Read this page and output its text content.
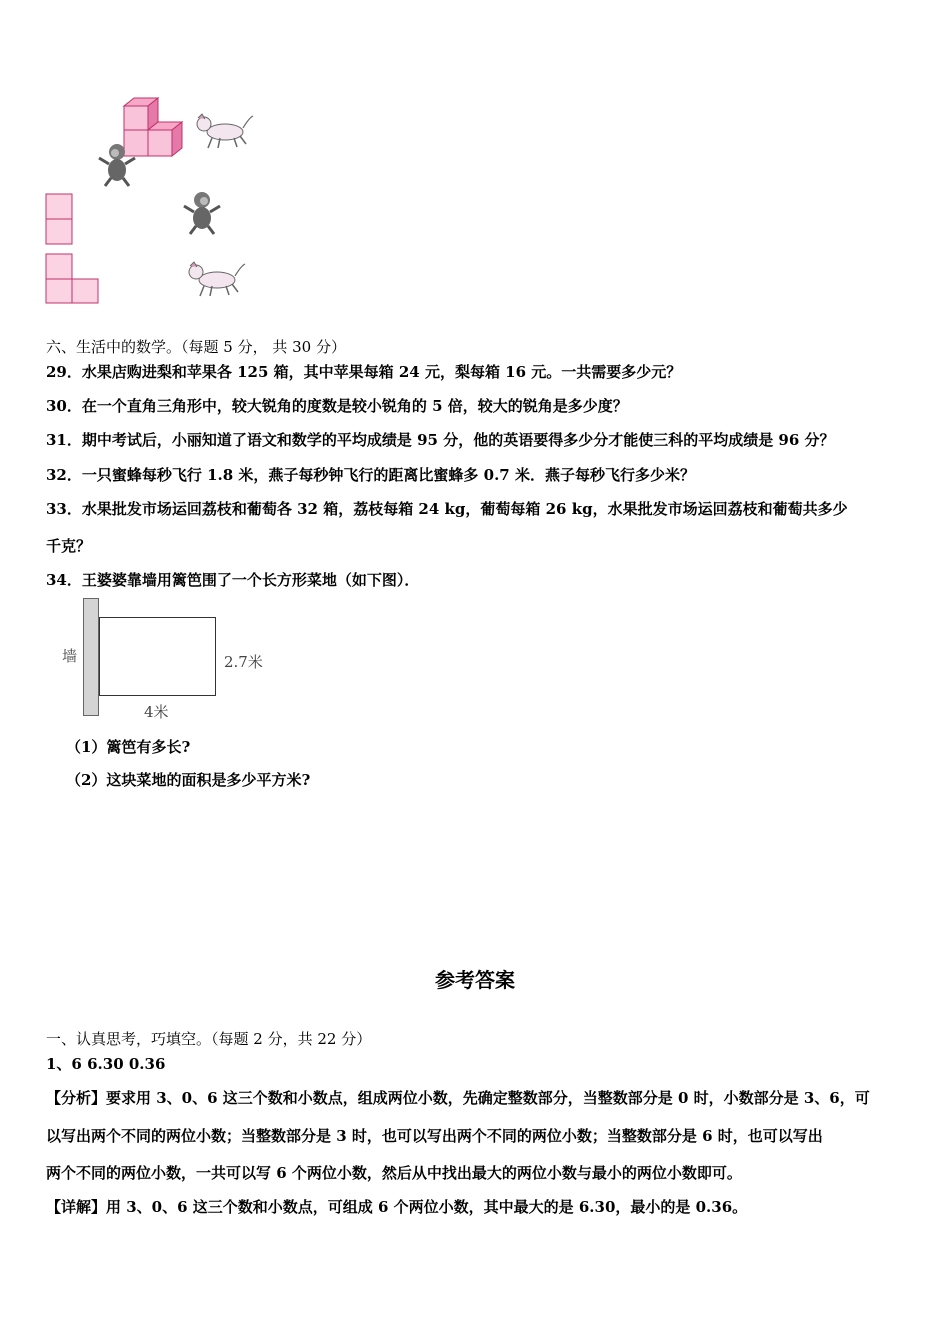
六、生活中的数学。（每题 5 分， 共 30 分）
29．水果店购进梨和苹果各 125 箱，其中苹果每箱 24 元，梨每箱 16 元。一共需要多少元？
30．在一个直角三角形中，较大锐角的度数是较小锐角的 5 倍，较大的锐角是多少度？
31．期中考试后，小丽知道了语文和数学的平均成绩是 95 分，他的英语要得多少分才能使三科的平均成绩是 96 分？
32．一只蜜蜂每秒飞行 1.8 米，燕子每秒钟飞行的距离比蜜蜂多 0.7 米．燕子每秒飞行多少米？
33．水果批发市场运回荔枝和葡萄各 32 箱，荔枝每箱 24 kg，葡萄每箱 26 kg，水果批发市场运回荔枝和葡萄共多少
千克？
34．王婆婆靠墙用篱笆围了一个长方形菜地（如下图）．
墙	2.7米
4米
（1）篱笆有多长?
（2）这块菜地的面积是多少平方米?
参考答案
一、认真思考，巧填空。（每题 2 分，共 22 分）
1、6 6.30 0.36
【分析】要求用 3、0、6 这三个数和小数点，组成两位小数，先确定整数部分，当整数部分是 0 时，小数部分是 3、6，可
以写出两个不同的两位小数；当整数部分是 3 时，也可以写出两个不同的两位小数；当整数部分是 6 时，也可以写出
两个不同的两位小数，一共可以写 6 个两位小数，然后从中找出最大的两位小数与最小的两位小数即可。
【详解】用 3、0、6 这三个数和小数点，可组成 6 个两位小数，其中最大的是 6.30，最小的是 0.36。
